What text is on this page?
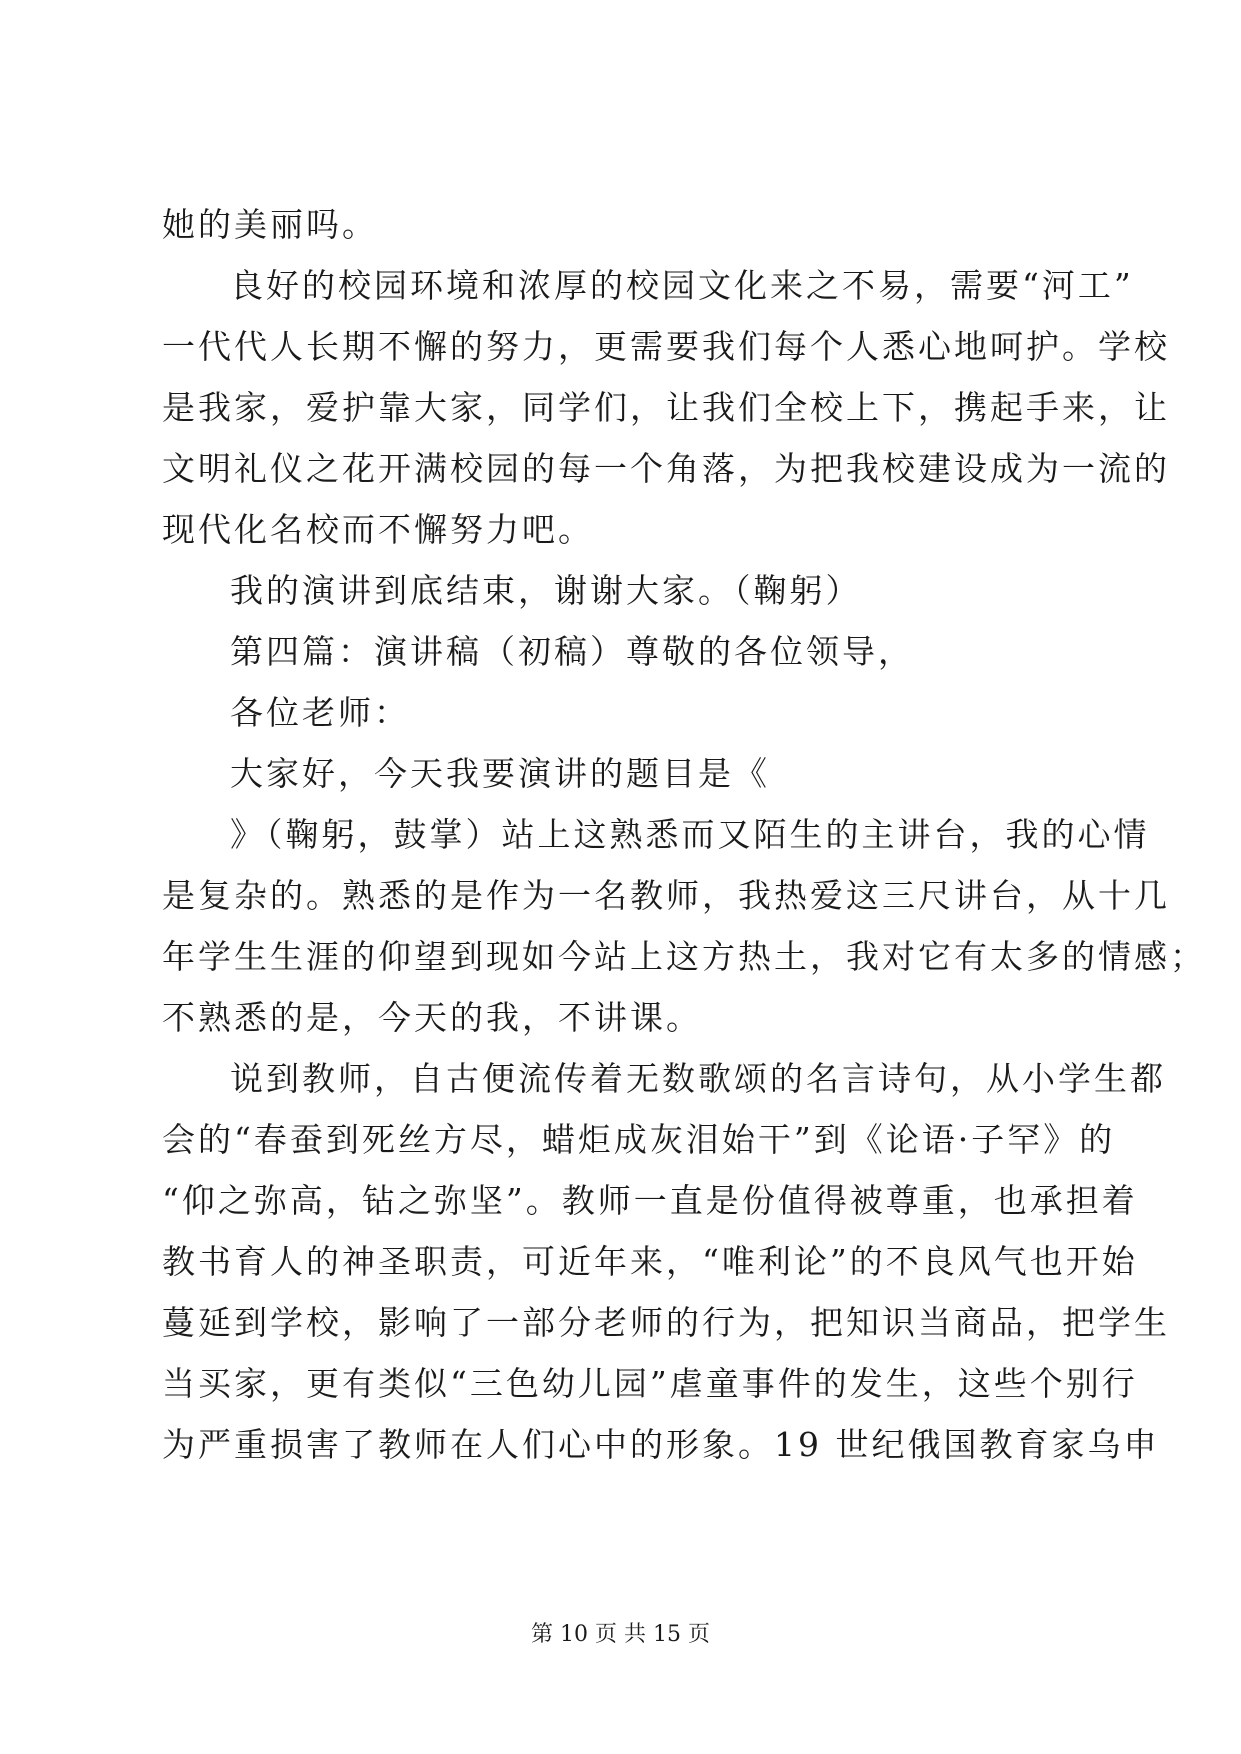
她的美丽吗。
良好的校园环境和浓厚的校园文化来之不易，需要“河工”
一代代人长期不懈的努力，更需要我们每个人悉心地呵护。学校
是我家，爱护靠大家，同学们，让我们全校上下，携起手来，让
文明礼仪之花开满校园的每一个角落，为把我校建设成为一流的
现代化名校而不懈努力吧。
我的演讲到底结束，谢谢大家。（鞠躬）
第四篇：演讲稿（初稿）尊敬的各位领导，
各位老师：
大家好，今天我要演讲的题目是《
》（鞠躬，鼓掌）站上这熟悉而又陌生的主讲台，我的心情
是复杂的。熟悉的是作为一名教师，我热爱这三尺讲台，从十几
年学生生涯的仰望到现如今站上这方热土，我对它有太多的情感；
不熟悉的是，今天的我，不讲课。
说到教师，自古便流传着无数歌颂的名言诗句，从小学生都
会的“春蚕到死丝方尽，蜡炬成灰泪始干”到《论语·子罕》的
“仰之弥高，钻之弥坚”。教师一直是份值得被尊重，也承担着
教书育人的神圣职责，可近年来，“唯利论”的不良风气也开始
蔓延到学校，影响了一部分老师的行为，把知识当商品，把学生
当买家，更有类似“三色幼儿园”虐童事件的发生，这些个别行
为严重损害了教师在人们心中的形象。19 世纪俄国教育家乌申
第 10 页 共 15 页
